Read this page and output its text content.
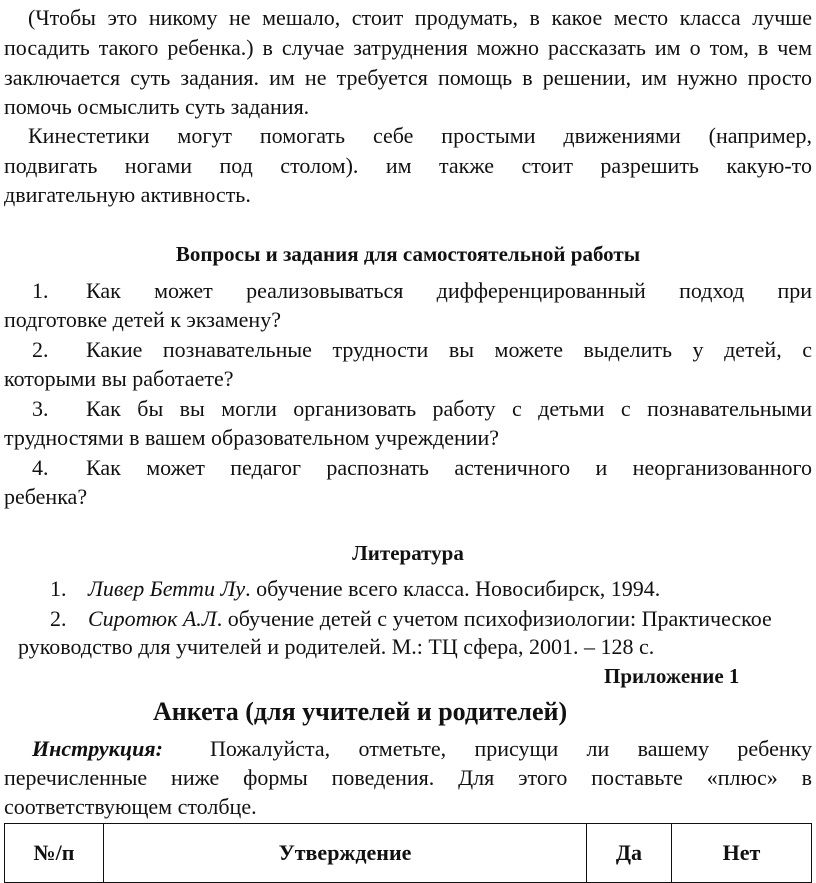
(Чтобы это никому не мешало, стоит продумать, в какое место класса лучше
посадить такого ребенка.) в случае затруднения можно рассказать им о том, в чем
заключается суть задания. им не требуется помощь в решении, им нужно просто
помочь осмыслить суть задания.
Кинестетики могут помогать себе простыми движениями (например,
подвигать ногами под столом). им также стоит разрешить какую-то
двигательную активность.
Вопросы и задания для самостоятельной работы
1. Как может реализовываться дифференцированный подход при
подготовке детей к экзамену?
2. Какие познавательные трудности вы можете выделить у детей, с
которыми вы работаете?
3. Как бы вы могли организовать работу с детьми с познавательными
трудностями в вашем образовательном учреждении?
4. Как может педагог распознать астеничного и неорганизованного
ребенка?
Литература
1. Ливер Бетти Лу. обучение всего класса. Новосибирск, 1994.
2. Сиротюк А.Л. обучение детей с учетом психофизиологии: Практическое
руководство для учителей и родителей. М.: ТЦ сфера, 2001. – 128 с.
Приложение 1
Анкета (для учителей и родителей)
Инструкция:	Пожалуйста, отметьте, присущи ли вашему ребенку
перечисленные ниже формы поведения. Для этого поставьте «плюс» в
соответствующем столбце.
№/п	Утверждение	Да	Нет
